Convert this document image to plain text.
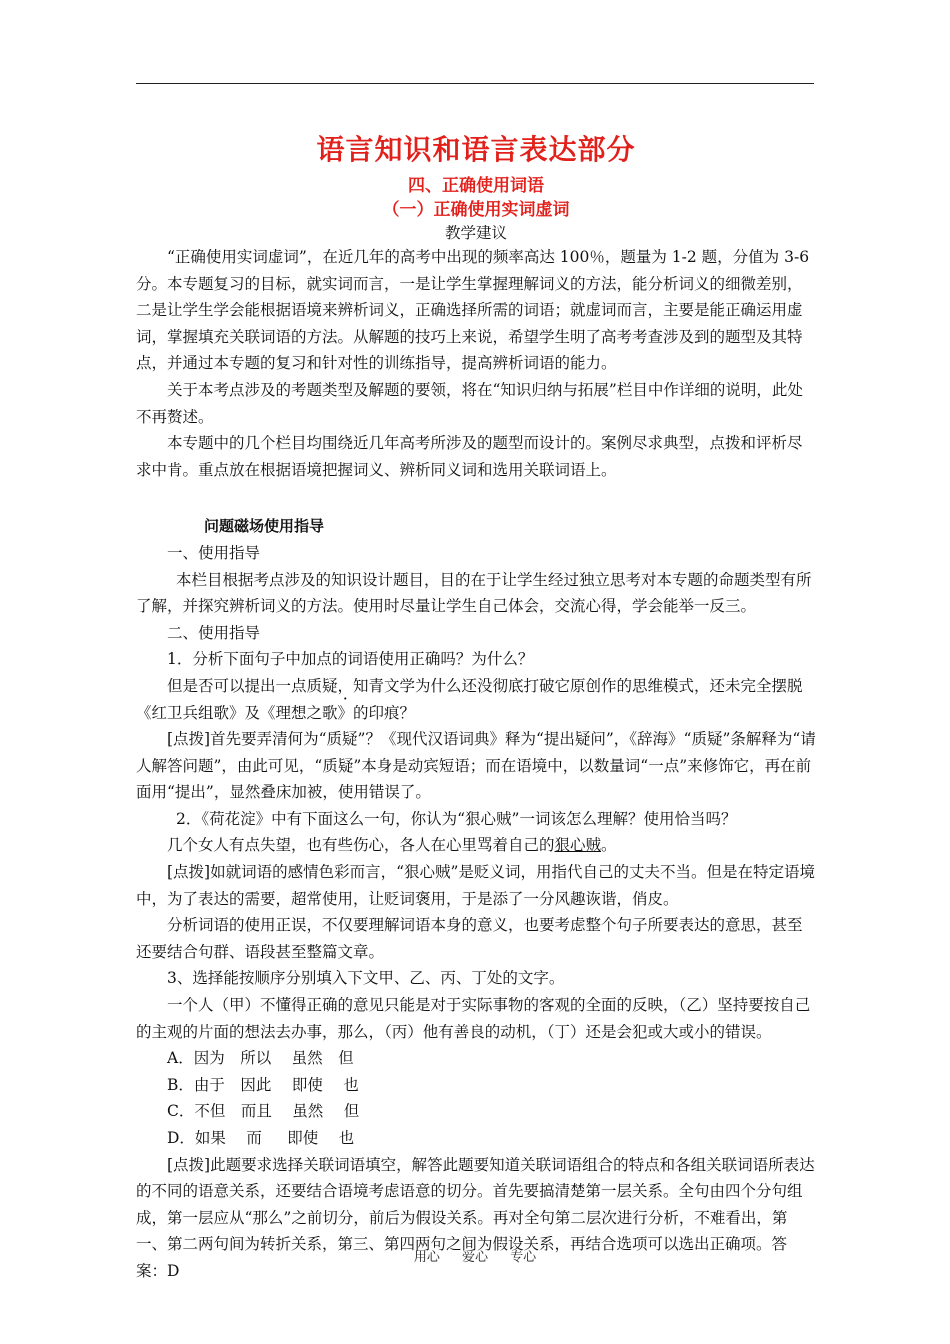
语言知识和语言表达部分
四、正确使用词语
（一）正确使用实词虚词

教学建议

“正确使用实词虚词”，在近几年的高考中出现的频率高达 100％，题量为 1-2 题，分值为 3-6 分。本专题复习的目标，就实词而言，一是让学生掌握理解词义的方法，能分析词义的细微差别，二是让学生学会能根据语境来辨析词义，正确选择所需的词语；就虚词而言，主要是能正确运用虚词，掌握填充关联词语的方法。从解题的技巧上来说，希望学生明了高考考查涉及到的题型及其特点，并通过本专题的复习和针对性的训练指导，提高辨析词语的能力。

关于本考点涉及的考题类型及解题的要领，将在“知识归纳与拓展”栏目中作详细的说明，此处不再赘述。

本专题中的几个栏目均围绕近几年高考所涉及的题型而设计的。案例尽求典型，点拨和评析尽求中肯。重点放在根据语境把握词义、辨析同义词和选用关联词语上。

问题磁场使用指导

一、使用指导

本栏目根据考点涉及的知识设计题目，目的在于让学生经过独立思考对本专题的命题类型有所了解，并探究辨析词义的方法。使用时尽量让学生自己体会，交流心得，学会能举一反三。

二、使用指导

1．分析下面句子中加点的词语使用正确吗？为什么？

但是否可以提出一点质疑，知青文学为什么还没彻底打破它原创作的思维模式，还未完全摆脱《红卫兵组歌》及《理想之歌》的印痕？

[点拨]首先要弄清何为“质疑”？《现代汉语词典》释为“提出疑问”，《辞海》“质疑”条解释为“请人解答问题”，由此可见，“质疑”本身是动宾短语；而在语境中，以数量词“一点”来修饰它，再在前面用“提出”，显然叠床加被，使用错误了。

2．《荷花淀》中有下面这么一句，你认为“狠心贼”一词该怎么理解？使用恰当吗？

几个女人有点失望，也有些伤心，各人在心里骂着自己的狠心贼。

[点拨]如就词语的感情色彩而言，“狠心贼”是贬义词，用指代自己的丈夫不当。但是在特定语境中，为了表达的需要，超常使用，让贬词褒用，于是添了一分风趣诙谐，俏皮。

分析词语的使用正误，不仅要理解词语本身的意义，也要考虑整个句子所要表达的意思，甚至还要结合句群、语段甚至整篇文章。

3、选择能按顺序分别填入下文甲、乙、丙、丁处的文字。

一个人（甲）不懂得正确的意见只能是对于实际事物的客观的全面的反映，（乙）坚持要按自己的主观的片面的想法去办事，那么，（丙）他有善良的动机，（丁）还是会犯或大或小的错误。

A．因为　所以　 虽然　但

B．由于　因此　 即使　 也

C．不但　而且　 虽然　 但

D．如果　 而　  即使　 也

[点拨]此题要求选择关联词语填空，解答此题要知道关联词语组合的特点和各组关联词语所表达的不同的语意关系，还要结合语境考虑语意的切分。首先要搞清楚第一层关系。全句由四个分句组成，第一层应从“那么”之前切分，前后为假设关系。再对全句第二层次进行分析，不难看出，第一、第二两句间为转折关系，第三、第四两句之间为假设关系，再结合选项可以选出正确项。答案：D

用心 爱心 专心
